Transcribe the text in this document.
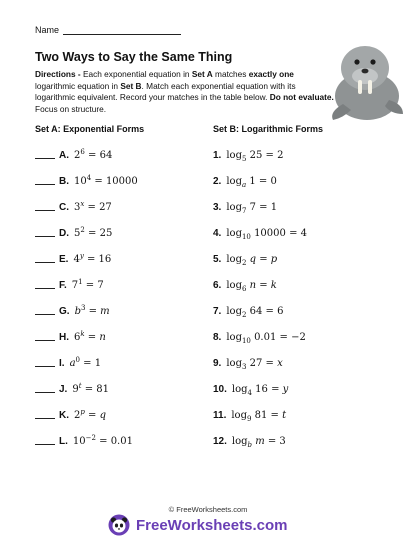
Name
Two Ways to Say the Same Thing
Directions - Each exponential equation in Set A matches exactly one logarithmic equation in Set B. Match each exponential equation with its logarithmic equivalent. Record your matches in the table below. Do not evaluate. Focus on structure.
Set A: Exponential Forms	Set B: Logarithmic Forms
A. $2^6 = 64$
B. $10^4 = 10000$
C. $3^x = 27$
D. $5^2 = 25$
E. $4^y = 16$
F. $7^1 = 7$
G. $b^3 = m$
H. $6^k = n$
I. $a^0 = 1$
J. $9^t = 81$
K. $2^p = q$
L. $10^{-2} = 0.01$
1. $\log_5 25 = 2$
2. $\log_a 1 = 0$
3. $\log_7 7 = 1$
4. $\log_{10} 10000 = 4$
5. $\log_2 q = p$
6. $\log_6 n = k$
7. $\log_2 64 = 6$
8. $\log_{10} 0.01 = -2$
9. $\log_3 27 = x$
10. $\log_4 16 = y$
11. $\log_9 81 = t$
12. $\log_b m = 3$
© FreeWorksheets.com
FreeWorksheets.com
